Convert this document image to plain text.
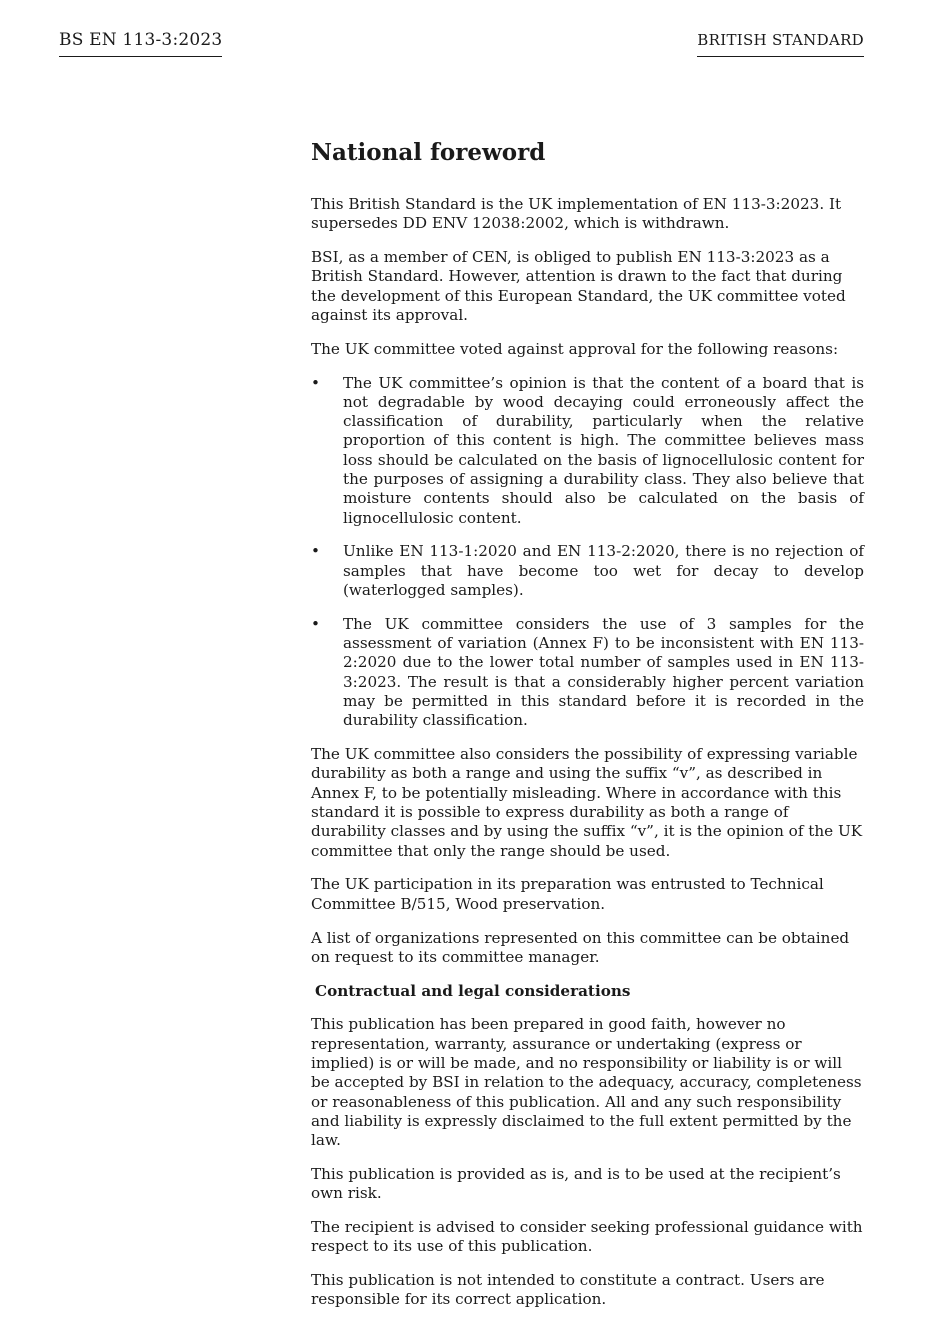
BS EN 113-3:2023	BRITISH STANDARD
National foreword

This British Standard is the UK implementation of EN 113-3:2023. It supersedes DD ENV 12038:2002, which is withdrawn.

BSI, as a member of CEN, is obliged to publish EN 113-3:2023 as a British Standard. However, attention is drawn to the fact that during the development of this European Standard, the UK committee voted against its approval.

The UK committee voted against approval for the following reasons:

• The UK committee’s opinion is that the content of a board that is not degradable by wood decaying could erroneously affect the classification of durability, particularly when the relative proportion of this content is high. The committee believes mass loss should be calculated on the basis of lignocellulosic content for the purposes of assigning a durability class. They also believe that moisture contents should also be calculated on the basis of lignocellulosic content.
• Unlike EN 113-1:2020 and EN 113-2:2020, there is no rejection of samples that have become too wet for decay to develop (waterlogged samples).
• The UK committee considers the use of 3 samples for the assessment of variation (Annex F) to be inconsistent with EN 113-2:2020 due to the lower total number of samples used in EN 113-3:2023. The result is that a considerably higher percent variation may be permitted in this standard before it is recorded in the durability classification.

The UK committee also considers the possibility of expressing variable durability as both a range and using the suffix “v”, as described in Annex F, to be potentially misleading. Where in accordance with this standard it is possible to express durability as both a range of durability classes and by using the suffix “v”, it is the opinion of the UK committee that only the range should be used.

The UK participation in its preparation was entrusted to Technical Committee B/515, Wood preservation.

A list of organizations represented on this committee can be obtained on request to its committee manager.

Contractual and legal considerations

This publication has been prepared in good faith, however no representation, warranty, assurance or undertaking (express or implied) is or will be made, and no responsibility or liability is or will be accepted by BSI in relation to the adequacy, accuracy, completeness or reasonableness of this publication. All and any such responsibility and liability is expressly disclaimed to the full extent permitted by the law.

This publication is provided as is, and is to be used at the recipient’s own risk.

The recipient is advised to consider seeking professional guidance with respect to its use of this publication.

This publication is not intended to constitute a contract. Users are responsible for its correct application.
